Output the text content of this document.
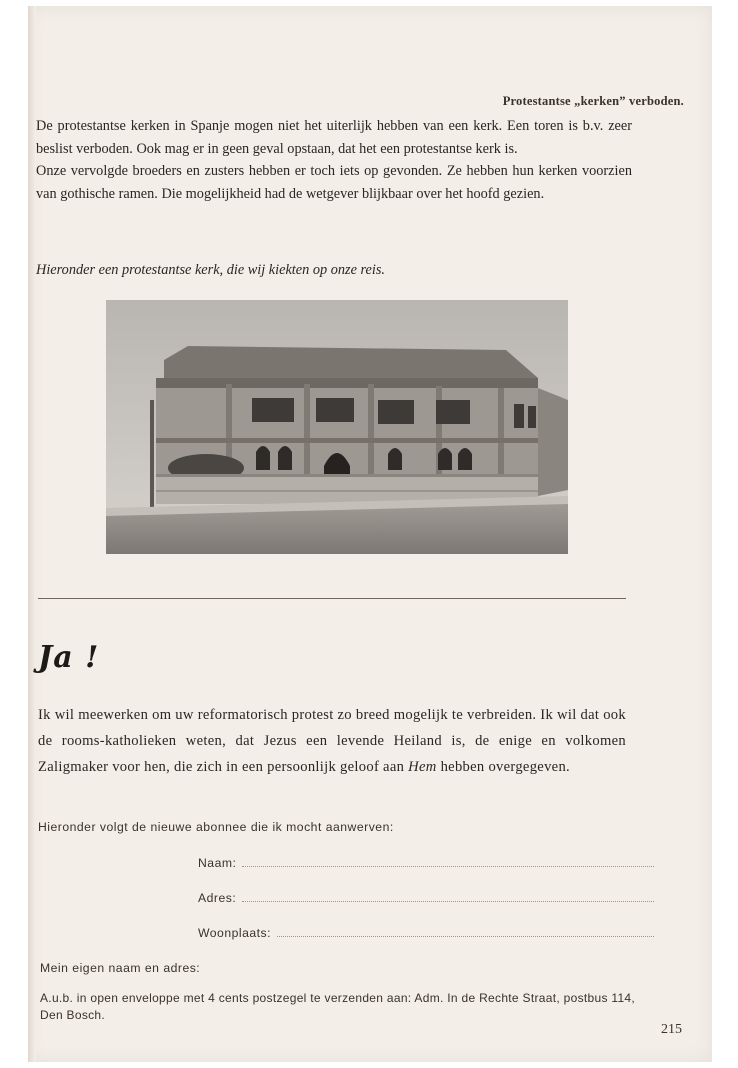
Protestantse „kerken” verboden.

De protestantse kerken in Spanje mogen niet het uiterlijk hebben van een kerk. Een toren is b.v. zeer beslist verboden. Ook mag er in geen geval opstaan, dat het een protestantse kerk is.

Onze vervolgde broeders en zusters hebben er toch iets op gevonden. Ze hebben hun kerken voorzien van gothische ramen. Die mogelijkheid had de wetgever blijkbaar over het hoofd gezien.

Hieronder een protestantse kerk, die wij kiekten op onze reis.
Ja !
Ik wil meewerken om uw reformatorisch protest zo breed mogelijk te verbreiden. Ik wil dat ook de rooms-katholieken weten, dat Jezus een levende Heiland is, de enige en volkomen Zaligmaker voor hen, die zich in een persoonlijk geloof aan Hem hebben overgegeven.
Hieronder volgt de nieuwe abonnee die ik mocht aanwerven:
Naam:
Adres:
Woonplaats:
Mein eigen naam en adres:
A.u.b. in open enveloppe met 4 cents postzegel te verzenden aan: Adm. In de Rechte Straat, postbus 114, Den Bosch.
215
